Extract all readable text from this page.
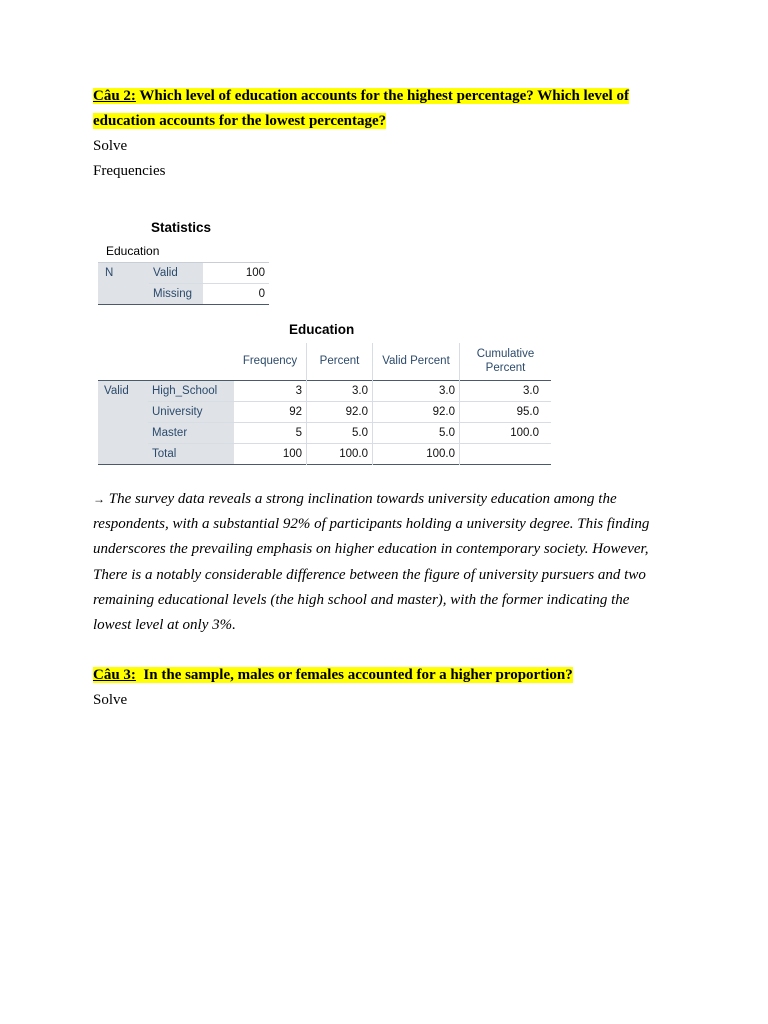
Câu 2: Which level of education accounts for the highest percentage? Which level of
education accounts for the lowest percentage?
Solve
Frequencies
Statistics
Education
N	Valid	100
	Missing	0
Education
		Frequency	Percent	Valid Percent	Cumulative
Percent
Valid	High_School	3	3.0	3.0	3.0
	University	92	92.0	92.0	95.0
	Master	5	5.0	5.0	100.0
	Total	100	100.0	100.0	
→ The survey data reveals a strong inclination towards university education among the
respondents, with a substantial 92% of participants holding a university degree. This finding
underscores the prevailing emphasis on higher education in contemporary society. However,
There is a notably considerable difference between the figure of university pursuers and two
remaining educational levels (the high school and master), with the former indicating the
lowest level at only 3%.
Câu 3:  In the sample, males or females accounted for a higher proportion?
Solve
